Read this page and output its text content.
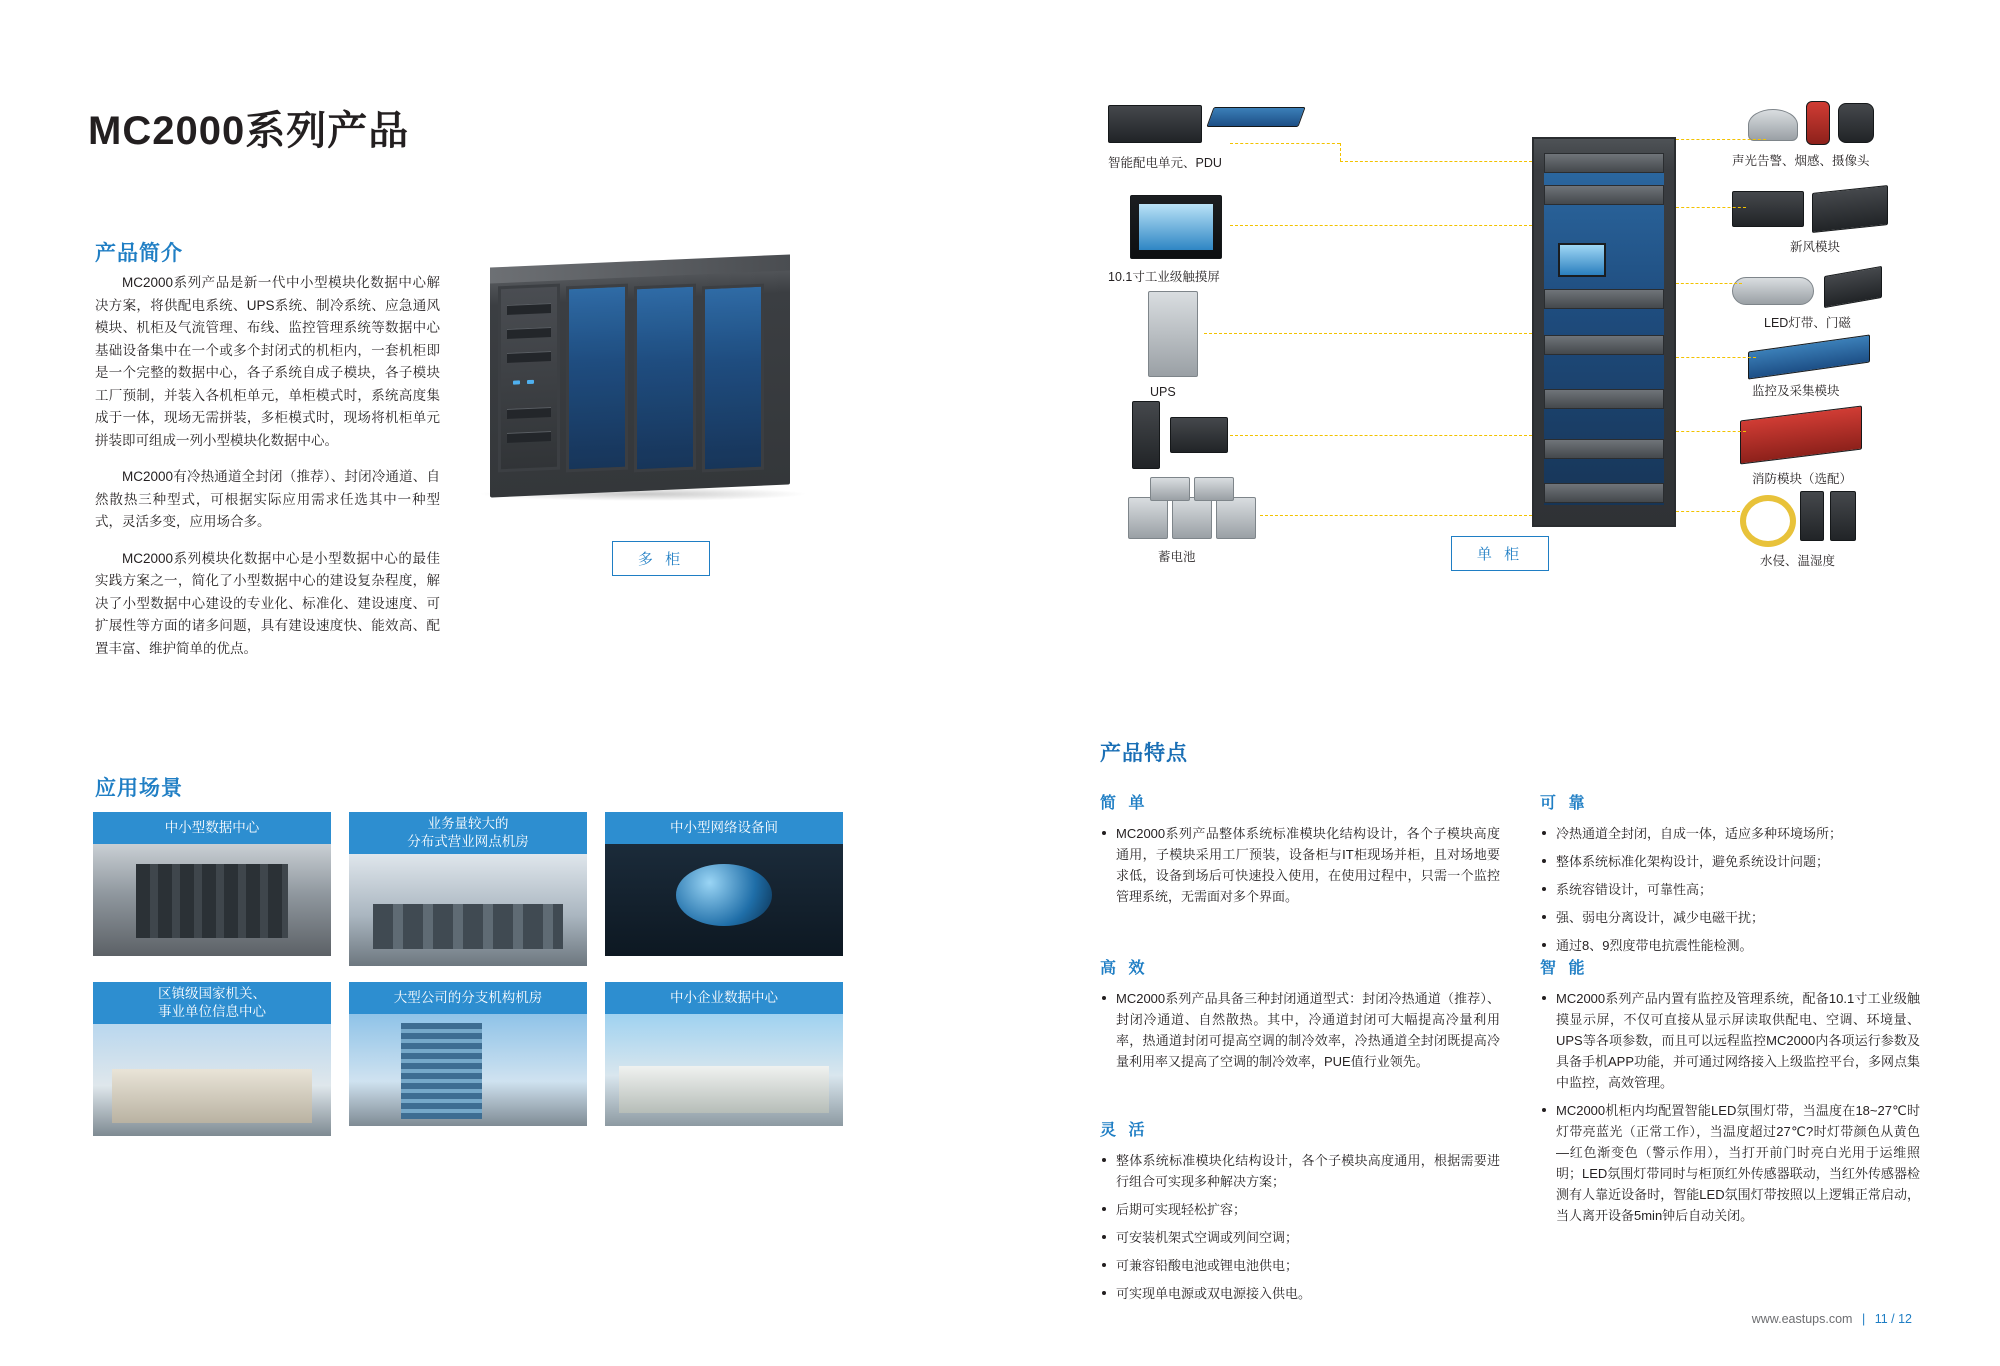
MC2000系列产品
产品简介

MC2000系列产品是新一代中小型模块化数据中心解决方案，将供配电系统、UPS系统、制冷系统、应急通风模块、机柜及气流管理、布线、监控管理系统等数据中心基础设备集中在一个或多个封闭式的机柜内，一套机柜即是一个完整的数据中心，各子系统自成子模块，各子模块工厂预制，并装入各机柜单元，单柜模式时，系统高度集成于一体，现场无需拼装，多柜模式时，现场将机柜单元拼装即可组成一列小型模块化数据中心。

MC2000有冷热通道全封闭（推荐）、封闭冷通道、自然散热三种型式，可根据实际应用需求任选其中一种型式，灵活多变，应用场合多。

MC2000系列模块化数据中心是小型数据中心的最佳实践方案之一，简化了小型数据中心的建设复杂程度，解决了小型数据中心建设的专业化、标准化、建设速度、可扩展性等方面的诸多问题，具有建设速度快、能效高、配置丰富、维护简单的优点。

多 柜
应用场景
中小型数据中心	业务量较大的
分布式营业网点机房
中小型网络设备间
区镇级国家机关、
事业单位信息中心
大型公司的分支机构机房	中小企业数据中心
智能配电单元、PDU
10.1寸工业级触摸屏
UPS
蓄电池
声光告警、烟感、摄像头
新风模块
LED灯带、门磁
监控及采集模块
消防模块（选配）
水侵、温湿度
单 柜
产品特点
简 单
MC2000系列产品整体系统标准模块化结构设计，各个子模块高度通用，子模块采用工厂预装，设备柜与IT柜现场并柜，且对场地要求低，设备到场后可快速投入使用，在使用过程中，只需一个监控管理系统，无需面对多个界面。
可 靠
冷热通道全封闭，自成一体，适应多种环境场所；
整体系统标准化架构设计，避免系统设计问题；
系统容错设计，可靠性高；
强、弱电分离设计，减少电磁干扰；
通过8、9烈度带电抗震性能检测。
高 效
MC2000系列产品具备三种封闭通道型式：封闭冷热通道（推荐）、封闭冷通道、自然散热。其中，冷通道封闭可大幅提高冷量利用率，热通道封闭可提高空调的制冷效率，冷热通道全封闭既提高冷量利用率又提高了空调的制冷效率，PUE值行业领先。
智 能
MC2000系列产品内置有监控及管理系统，配备10.1寸工业级触摸显示屏，不仅可直接从显示屏读取供配电、空调、环境量、UPS等各项参数，而且可以远程监控MC2000内各项运行参数及具备手机APP功能，并可通过网络接入上级监控平台，多网点集中监控，高效管理。
MC2000机柜内均配置智能LED氛围灯带，当温度在18~27℃时灯带亮蓝光（正常工作），当温度超过27℃?时灯带颜色从黄色—红色渐变色（警示作用），当打开前门时亮白光用于运维照明；LED氛围灯带同时与柜顶红外传感器联动，当红外传感器检测有人靠近设备时，智能LED氛围灯带按照以上逻辑正常启动，当人离开设备5min钟后自动关闭。
灵 活
整体系统标准模块化结构设计，各个子模块高度通用，根据需要进行组合可实现多种解决方案；
后期可实现轻松扩容；
可安装机架式空调或列间空调；
可兼容铅酸电池或锂电池供电；
可实现单电源或双电源接入供电。
www.eastups.com | 11 / 12
